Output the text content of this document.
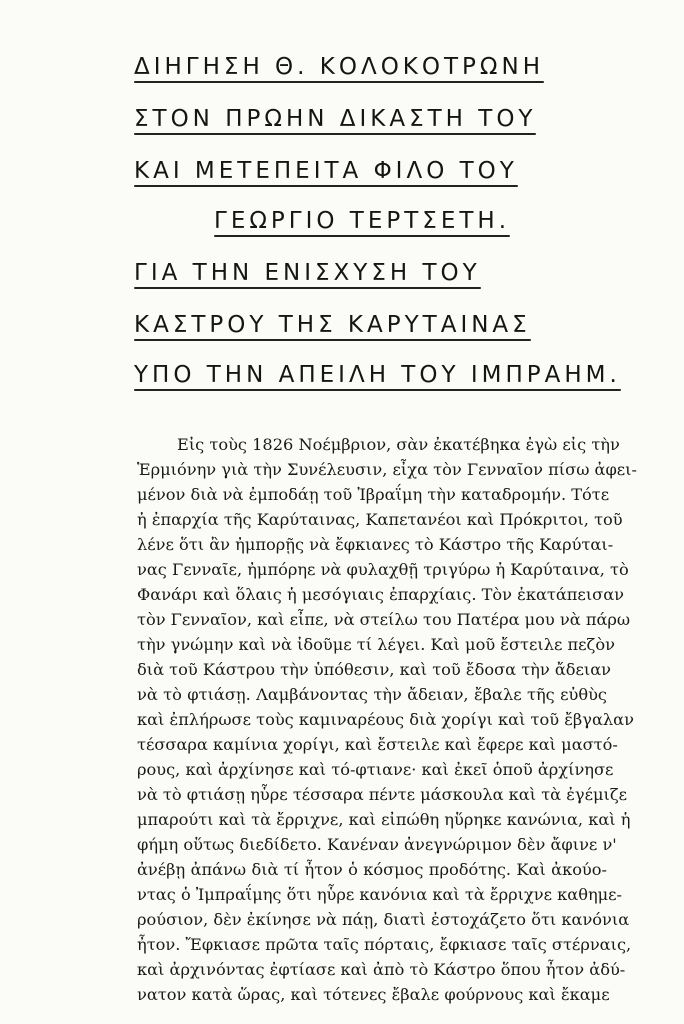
ΔΙΗΓΗΣΗ Θ. ΚΟΛΟΚΟΤΡΩΝΗ
ΣΤΟΝ ΠΡΩΗΝ ΔΙΚΑΣΤΗ ΤΟΥ
ΚΑΙ ΜΕΤΕΠΕΙΤΑ ΦΙΛΟ ΤΟΥ
ΓΕΩΡΓΙΟ ΤΕΡΤΣΕΤΗ.
ΓΙΑ ΤΗΝ ΕΝΙΣΧΥΣΗ ΤΟΥ
ΚΑΣΤΡΟΥ ΤΗΣ ΚΑΡΥΤΑΙΝΑΣ
ΥΠΟ ΤΗΝ ΑΠΕΙΛΗ ΤΟΥ ΙΜΠΡΑΗΜ.
Εἰς τοὺς 1826 Νοέμβριον, σὰν ἐκατέβηκα ἐγὼ εἰς τὴν
Ἑρμιόνην γιὰ τὴν Συνέλευσιν, εἶχα τὸν Γενναῖον πίσω ἀφει-
μένον διὰ νὰ ἐμποδάῃ τοῦ Ἰβραΐμη τὴν καταδρομήν. Τότε
ἡ ἐπαρχία τῆς Καρύταινας, Καπετανέοι καὶ Πρόκριτοι, τοῦ
λένε ὅτι ἂν ἠμπορῇς νὰ ἔφκιανες τὸ Κάστρο τῆς Καρύται-
νας Γενναῖε, ἠμπόρηε νὰ φυλαχθῇ τριγύρω ἡ Καρύταινα, τὸ
Φανάρι καὶ ὅλαις ἡ μεσόγιαις ἐπαρχίαις. Τὸν ἐκατάπεισαν
τὸν Γενναῖον, καὶ εἶπε, νὰ στείλω του Πατέρα μου νὰ πάρω
τὴν γνώμην καὶ νὰ ἰδοῦμε τί λέγει. Καὶ μοῦ ἔστειλε πεζὸν
διὰ τοῦ Κάστρου τὴν ὑπόθεσιν, καὶ τοῦ ἔδοσα τὴν ἄδειαν
νὰ τὸ φτιάσῃ. Λαμβάνοντας τὴν ἄδειαν, ἔβαλε τῆς εὐθὺς
καὶ ἐπλήρωσε τοὺς καμιναρέους διὰ χορίγι καὶ τοῦ ἔβγαλαν
τέσσαρα καμίνια χορίγι, καὶ ἔστειλε καὶ ἔφερε καὶ μαστό-
ρους, καὶ ἀρχίνησε καὶ τό-φτιανε· καὶ ἐκεῖ ὁποῦ ἀρχίνησε
νὰ τὸ φτιάσῃ ηὗρε τέσσαρα πέντε μάσκουλα καὶ τὰ ἐγέμιζε
μπαρούτι καὶ τὰ ἔρριχνε, καὶ εἰπώθη ηὕρηκε κανώνια, καὶ ἡ
φήμη οὕτως διεδίδετο. Κανέναν ἀνεγνώριμον δὲν ἄφινε ν'
ἀνέβῃ ἀπάνω διὰ τί ἦτον ὁ κόσμος προδότης. Καὶ ἀκούο-
ντας ὁ Ἰμπραΐμης ὅτι ηὗρε κανόνια καὶ τὰ ἔρριχνε καθημε-
ρούσιον, δὲν ἐκίνησε νὰ πάῃ, διατὶ ἐστοχάζετο ὅτι κανόνια
ἦτον. Ἔφκιασε πρῶτα ταῖς πόρταις, ἔφκιασε ταῖς στέρναις,
καὶ ἀρχινόντας ἐφτίασε καὶ ἀπὸ τὸ Κάστρο ὅπου ἦτον ἀδύ-
νατον κατὰ ὥρας, καὶ τότενες ἔβαλε φούρνους καὶ ἔκαμε
